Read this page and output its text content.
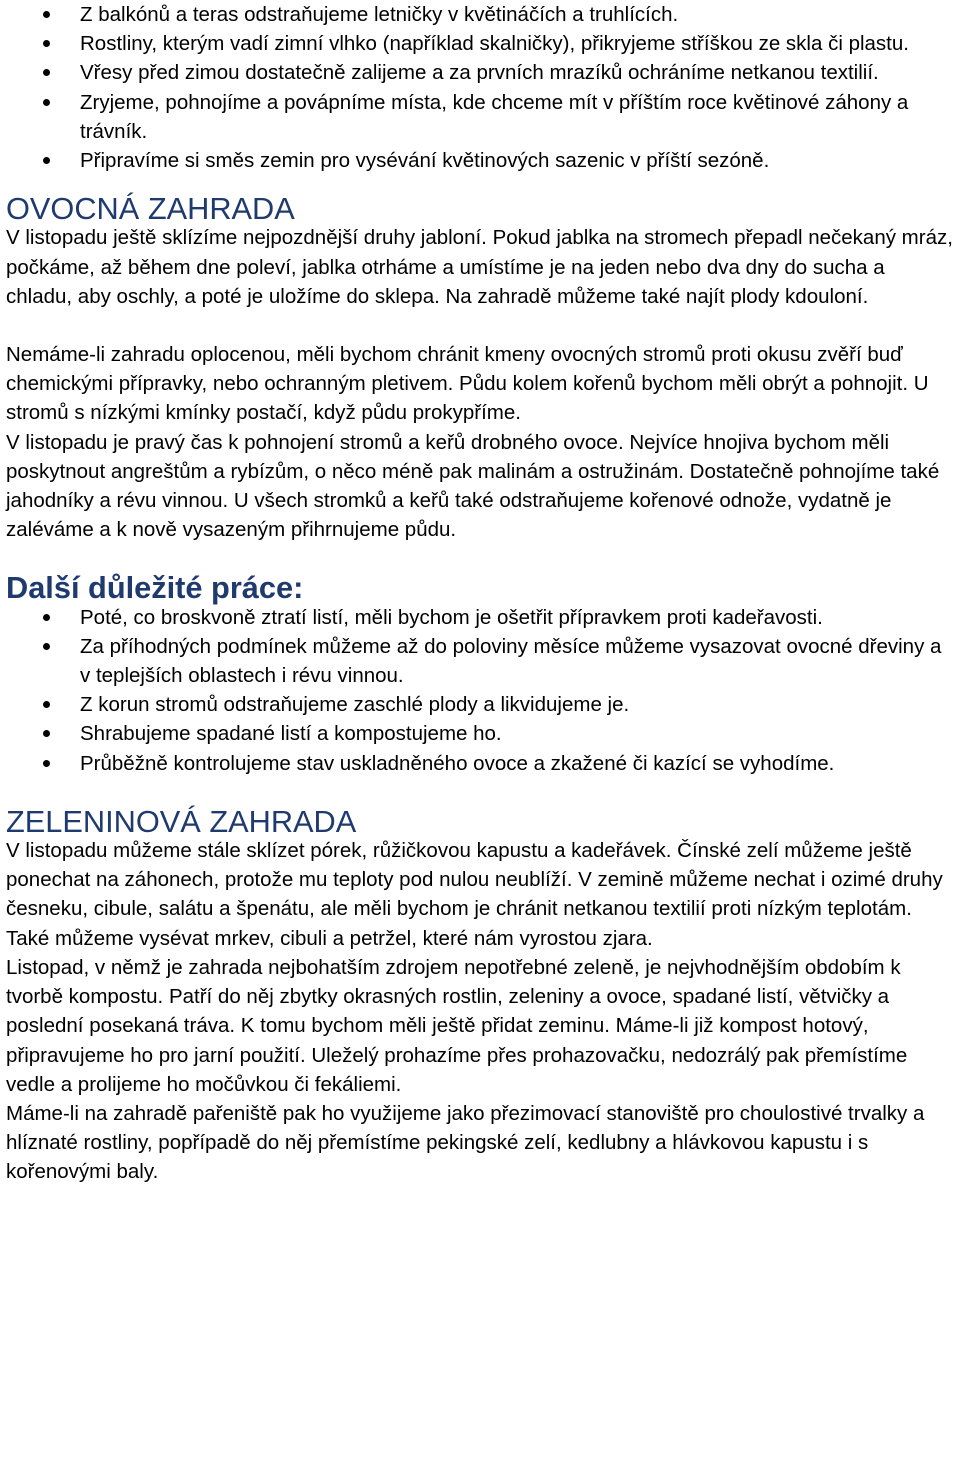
Z balkónů a teras odstraňujeme letničky v květináčích a truhlících.
Rostliny, kterým vadí zimní vlhko (například skalničky), přikryjeme stříškou ze skla či plastu.
Vřesy před zimou dostatečně zalijeme a za prvních mrazíků ochráníme netkanou textilií.
Zryjeme, pohnojíme a povápníme místa, kde chceme mít v příštím roce květinové záhony a trávník.
Připravíme si směs zemin pro vysévání květinových sazenic v příští sezóně.
OVOCNÁ ZAHRADA

V listopadu ještě sklízíme nejpozdnější druhy jabloní. Pokud jablka na stromech přepadl nečekaný mráz, počkáme, až během dne poleví, jablka otrháme a umístíme je na jeden nebo dva dny do sucha a chladu, aby oschly, a poté je uložíme do sklepa. Na zahradě můžeme také najít plody kdouloní.

Nemáme-li zahradu oplocenou, měli bychom chránit kmeny ovocných stromů proti okusu zvěří buď chemickými přípravky, nebo ochranným pletivem. Půdu kolem kořenů bychom měli obrýt a pohnojit. U stromů s nízkými kmínky postačí, když půdu prokypříme.

V listopadu je pravý čas k pohnojení stromů a keřů drobného ovoce. Nejvíce hnojiva bychom měli poskytnout angreštům a rybízům, o něco méně pak malinám a ostružinám. Dostatečně pohnojíme také jahodníky a révu vinnou. U všech stromků a keřů také odstraňujeme kořenové odnože, vydatně je zaléváme a k nově vysazeným přihrnujeme půdu.

Další důležité práce:
Poté, co broskvoně ztratí listí, měli bychom je ošetřit přípravkem proti kadeřavosti.
Za příhodných podmínek můžeme až do poloviny měsíce můžeme vysazovat ovocné dřeviny a v teplejších oblastech i révu vinnou.
Z korun stromů odstraňujeme zaschlé plody a likvidujeme je.
Shrabujeme spadané listí a kompostujeme ho.
Průběžně kontrolujeme stav uskladněného ovoce a zkažené či kazící se vyhodíme.
ZELENINOVÁ ZAHRADA

V listopadu můžeme stále sklízet pórek, růžičkovou kapustu a kadeřávek. Čínské zelí můžeme ještě ponechat na záhonech, protože mu teploty pod nulou neublíží. V zemině můžeme nechat i ozimé druhy česneku, cibule, salátu a špenátu, ale měli bychom je chránit netkanou textilií proti nízkým teplotám. Také můžeme vysévat mrkev, cibuli a petržel, které nám vyrostou zjara.

Listopad, v němž je zahrada nejbohatším zdrojem nepotřebné zeleně, je nejvhodnějším obdobím k tvorbě kompostu. Patří do něj zbytky okrasných rostlin, zeleniny a ovoce, spadané listí, větvičky a poslední posekaná tráva. K tomu bychom měli ještě přidat zeminu. Máme-li již kompost hotový, připravujeme ho pro jarní použití. Uleželý prohazíme přes prohazovačku, nedozrálý pak přemístíme vedle a prolijeme ho močůvkou či fekáliemi.

Máme-li na zahradě pařeniště pak ho využijeme jako přezimovací stanoviště pro choulostivé trvalky a hlíznaté rostliny, popřípadě do něj přemístíme pekingské zelí, kedlubny a hlávkovou kapustu i s kořenovými baly.
